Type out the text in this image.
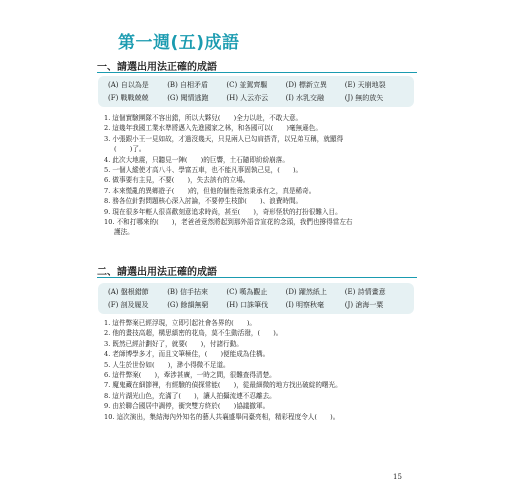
第一週(五)成語
一、請選出用法正確的成語
(A) 自以為是	(B) 自相矛盾	(C) 並駕齊驅	(D) 標新立異	(E) 天崩地裂
(F) 戰戰兢兢	(G) 聞情逃跑	(H) 人云亦云	(I) 水乳交融	(J) 無的放矢
1. 這個實驗團隊不容出錯，所以大夥兒(　　)全力以赴，不敢大意。
2. 這幾年我國工業水準將邁入先進國家之林，和各國可以(　　)毫無遜色。
3. 小張跟小王一見如故，才過沒幾天，只見兩人已勾肩搭背，以兄弟互稱，就顯得
(　　)了。
4. 此次大地震，只聽見一陣(　　)的巨響，土石隨即紛紛崩落。
5. 一個人縱使才高八斗、學富五車，也不能凡事固執己見，(　　)。
6. 做事要有主見，不要(　　)，失去該有的立場。
7. 本來慌亂的異鄉遊子(　　)的，但他的個性竟然秉承有之，真是稀奇。
8. 務各位針對問題核心深入討論，不要停生枝節(　　)、浪費時間。
9. 現在很多年輕人很喜歡刻意追求時尚，甚至(　　)，奇形怪狀的打扮很難入目。
10. 不和打哪來的(　　)，老爸爸竟然將起到那外語音宣花的念頭，我們也撐得當左右
護法。
二、請選出用法正確的成語
(A) 盤根錯節	(B) 信手拈來	(C) 嘆為觀止	(D) 躍然紙上	(E) 詩情畫意
(F) 剖及履及	(G) 餘韻無窮	(H) 口誅筆伐	(I) 明察秋毫	(J) 滄海一粟
1. 這件弊案已經浮現，立即引起社會各界的(　　)。
2. 他的畫技高超，構思縝密的花鳥，莫不生動活潑，(　　)。
3. 既然已經計劃好了，就要(　　)，付諸行動。
4. 老師博學多才，而且文筆極佳，(　　)便能成為佳構。
5. 人生於世份如(　　)，渺小得微不足道。
6. 這件弊案(　　)，牽涉甚廣，一時之間，很難查得清楚。
7. 魔鬼藏在細節裡，有經驗的偵探常能(　　)，從最細微的地方找出破綻的曙光。
8. 這片湖光山色，充滿了(　　)，讓人拍攝流連不忍離去。
9. 由於聯合國居中調停，衝突雙方終於(　　)協議撤軍。
10. 這次演出，集結海內外知名的藝人共襄盛舉同臺亮相，精彩程度令人(　　)。
15
